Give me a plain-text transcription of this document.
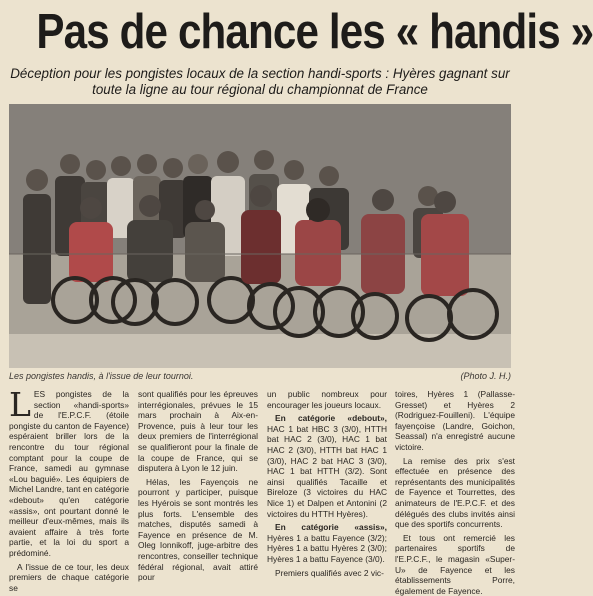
Pas de chance les « handis »
Déception pour les pongistes locaux de la section handi-sports : Hyères gagnant sur toute la ligne au tour régional du championnat de France
Les pongistes handis, à l'issue de leur tournoi.	(Photo J. H.)

LES pongistes de la section «handi-sports» de l'E.P.C.F. (étoile pongiste du canton de Fayence) espéraient briller lors de la rencontre du tour régional comptant pour la coupe de France, samedi au gymnase «Lou baguié». Les équipiers de Michel Landre, tant en catégorie «debout» qu'en catégorie «assis», ont pourtant donné le meilleur d'eux-mêmes, mais ils avaient affaire à très forte partie, et la loi du sport a prédominé.

A l'issue de ce tour, les deux premiers de chaque catégorie se

sont qualifiés pour les épreuves interrégionales, prévues le 15 mars prochain à Aix-en-Provence, puis à leur tour les deux premiers de l'interrégional se qualifieront pour la finale de la coupe de France, qui se disputera à Lyon le 12 juin.

Hélas, les Fayençois ne pourront y participer, puisque les Hyérois se sont montrés les plus forts. L'ensemble des matches, disputés samedi à Fayence en présence de M. Oleg Ionnikoff, juge-arbitre des rencontres, conseiller technique fédéral régional, avait attiré pour

un public nombreux pour encourager les joueurs locaux.

En catégorie «debout», HAC 1 bat HBC 3 (3/0), HTTH bat HAC 2 (3/0), HAC 1 bat HAC 2 (3/0), HTTH bat HAC 1 (3/0), HAC 2 bat HAC 3 (3/0), HAC 1 bat HTTH (3/2). Sont ainsi qualifiés Tacaille et Bireloze (3 victoires du HAC Nice 1) et Dalpen et Antonini (2 victoires du HTTH Hyères).

En catégorie «assis», Hyères 1 a battu Fayence (3/2); Hyères 1 a battu Hyères 2 (3/0); Hyères 1 a battu Fayence (3/0).

Premiers qualifiés avec 2 vic-

toires, Hyères 1 (Pallasse-Gresset) et Hyères 2 (Rodriguez-Fouilleni). L'équipe fayençoise (Landre, Goichon, Seassal) n'a enregistré aucune victoire.

La remise des prix s'est effectuée en présence des représentants des municipalités de Fayence et Tourrettes, des animateurs de l'E.P.C.F. et des délégués des clubs invités ainsi que des sportifs concurrents.

Et tous ont remercié les partenaires sportifs de l'E.P.C.F., le magasin «Super-U» de Fayence et les établissements Porre, également de Fayence.
